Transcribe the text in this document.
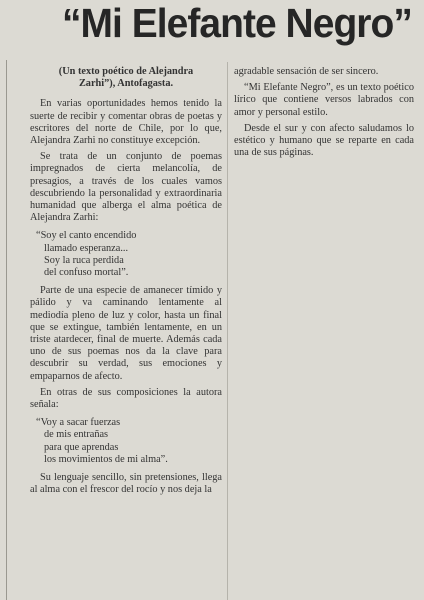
“Mi Elefante Negro”
(Un texto poético de Alejandra
Zarhi”), Antofagasta.

En varias oportunidades hemos tenido la suerte de recibir y comentar obras de poetas y escritores del norte de Chile, por lo que, Alejandra Zarhi no constituye excepción.

Se trata de un conjunto de poemas impregnados de cierta melancolía, de presagios, a través de los cuales vamos descubriendo la personalidad y extraordinaria humanidad que alberga el alma poética de Alejandra Zarhi:

“Soy el canto encendido
llamado esperanza...
Soy la ruca perdida
del confuso mortal”.

Parte de una especie de amanecer tímido y pálido y va caminando lentamente al mediodía pleno de luz y color, hasta un final que se extingue, también lentamente, en un triste atardecer, final de muerte. Además cada uno de sus poemas nos da la clave para descubrir su verdad, sus emociones y empaparnos de afecto.

En otras de sus composiciones la autora señala:

“Voy a sacar fuerzas
de mis entrañas
para que aprendas
los movimientos de mi alma”.

Su lenguaje sencillo, sin pretensiones, llega al alma con el frescor del rocío y nos deja la

agradable sensación de ser sincero.

“Mi Elefante Negro”, es un texto poético lírico que contiene versos labrados con amor y personal estilo.

Desde el sur y con afecto saludamos lo estético y humano que se reparte en cada una de sus páginas.
